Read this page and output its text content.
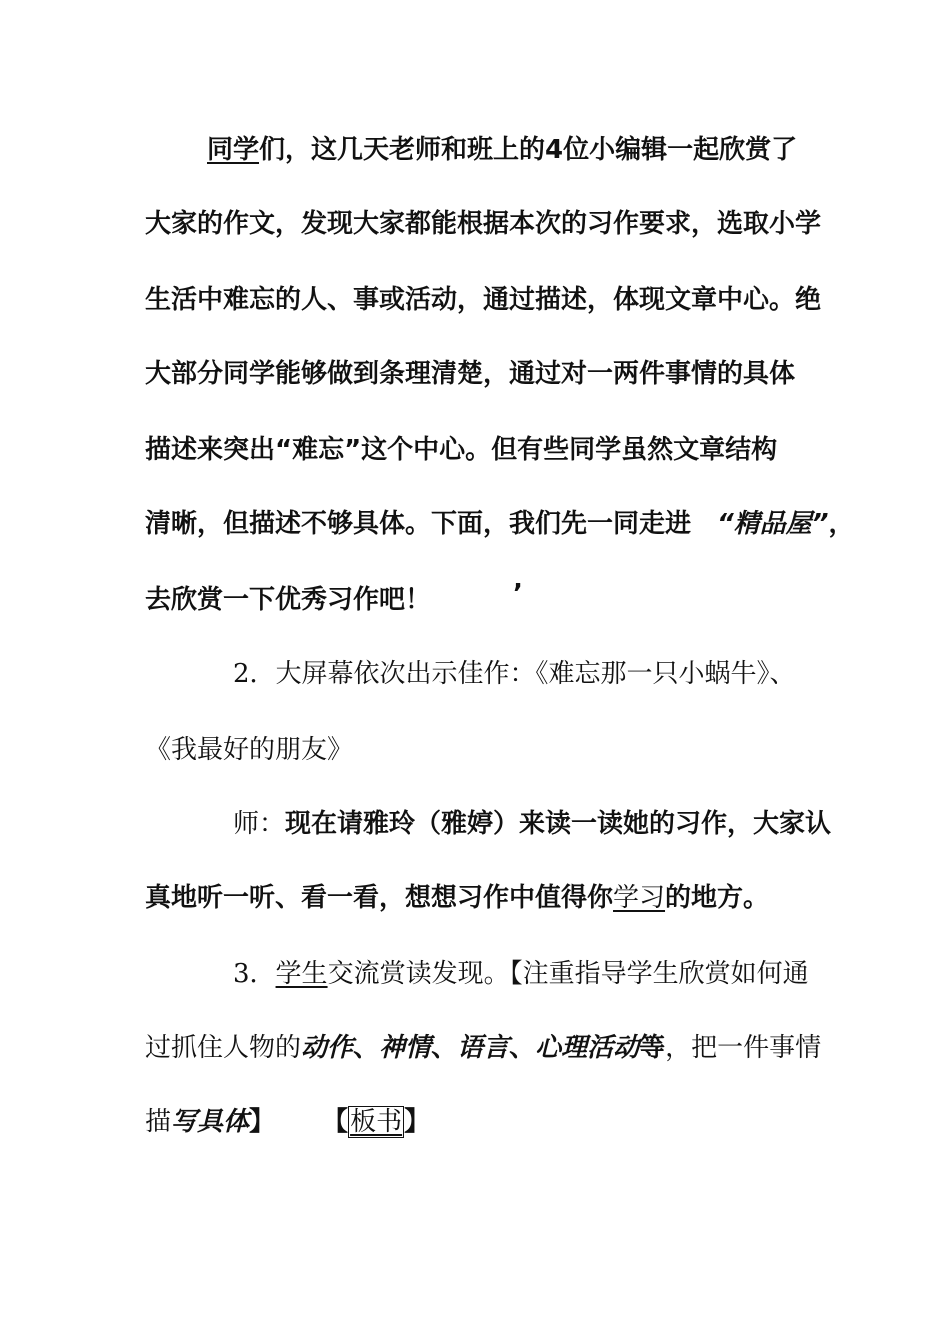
同学们，这几天老师和班上的4位小编辑一起欣赏了

大家的作文，发现大家都能根据本次的习作要求，选取小学

生活中难忘的人、事或活动，通过描述，体现文章中心。绝

大部分同学能够做到条理清楚，通过对一两件事情的具体

描述来突出“难忘”这个中心。但有些同学虽然文章结构

清晰，但描述不够具体。下面，我们先一同走进 “精品屋”，

去欣赏一下优秀习作吧！	’

2．大屏幕依次出示佳作：《难忘那一只小蜗牛》、

《我最好的朋友》

师：现在请雅玲（雅婷）来读一读她的习作，大家认

真地听一听、看一看，想想习作中值得你学习的地方。

3．学生交流赏读发现。【注重指导学生欣赏如何通

过抓住人物的动作、神情、语言、心理活动等，把一件事情

描写具体】 【板书】
